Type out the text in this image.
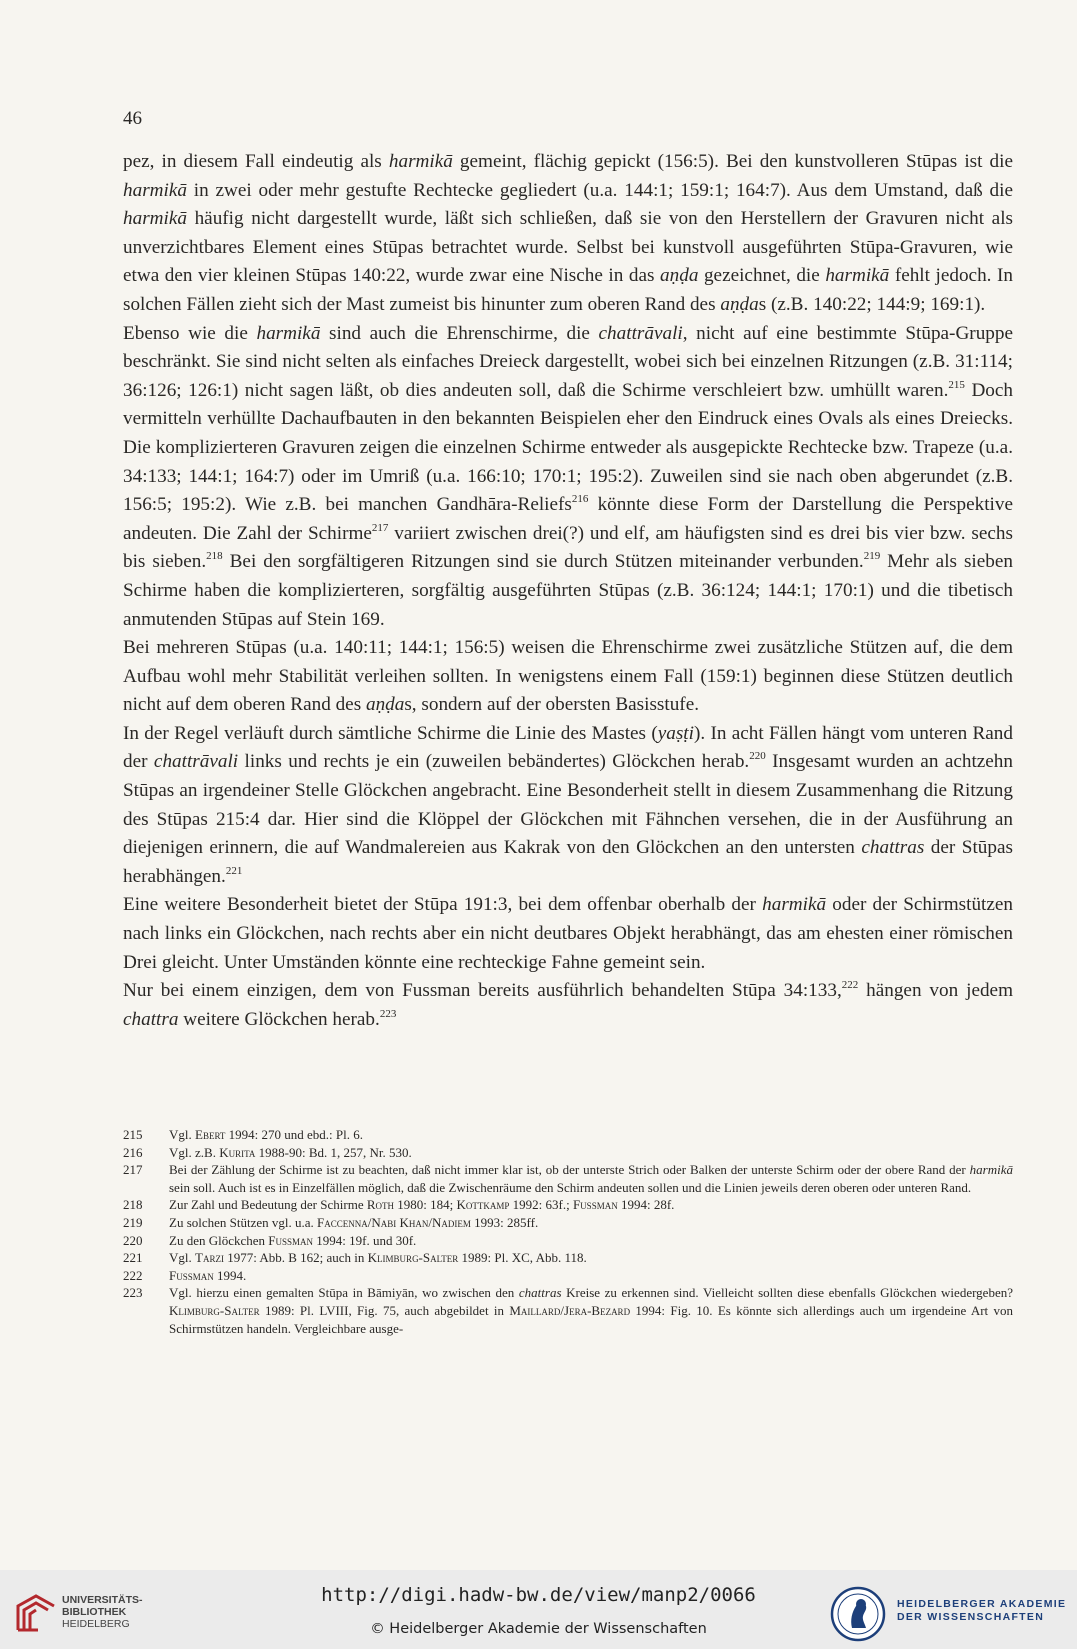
46

pez, in diesem Fall eindeutig als harmikā gemeint, flächig gepickt (156:5). Bei den kunstvolleren Stūpas ist die harmikā in zwei oder mehr gestufte Rechtecke gegliedert (u.a. 144:1; 159:1; 164:7). Aus dem Umstand, daß die harmikā häufig nicht dargestellt wurde, läßt sich schließen, daß sie von den Herstellern der Gravuren nicht als unverzichtbares Element eines Stūpas betrachtet wurde. Selbst bei kunstvoll ausgeführten Stūpa-Gravuren, wie etwa den vier kleinen Stūpas 140:22, wurde zwar eine Nische in das aṇḍa gezeichnet, die harmikā fehlt jedoch. In solchen Fällen zieht sich der Mast zumeist bis hinunter zum oberen Rand des aṇḍas (z.B. 140:22; 144:9; 169:1).

Ebenso wie die harmikā sind auch die Ehrenschirme, die chattrāvali, nicht auf eine bestimmte Stūpa-Gruppe beschränkt. Sie sind nicht selten als einfaches Dreieck dargestellt, wobei sich bei einzelnen Ritzungen (z.B. 31:114; 36:126; 126:1) nicht sagen läßt, ob dies andeuten soll, daß die Schirme verschleiert bzw. umhüllt waren.$^{215}$ Doch vermitteln verhüllte Dachaufbauten in den bekannten Beispielen eher den Eindruck eines Ovals als eines Dreiecks. Die komplizierteren Gravuren zeigen die einzelnen Schirme entweder als ausgepickte Rechtecke bzw. Trapeze (u.a. 34:133; 144:1; 164:7) oder im Umriß (u.a. 166:10; 170:1; 195:2). Zuweilen sind sie nach oben abgerundet (z.B. 156:5; 195:2). Wie z.B. bei manchen Gandhāra-Reliefs$^{216}$ könnte diese Form der Darstellung die Perspektive andeuten. Die Zahl der Schirme$^{217}$ variiert zwischen drei(?) und elf, am häufigsten sind es drei bis vier bzw. sechs bis sieben.$^{218}$ Bei den sorgfältigeren Ritzungen sind sie durch Stützen miteinander verbunden.$^{219}$ Mehr als sieben Schirme haben die komplizierteren, sorgfältig ausgeführten Stūpas (z.B. 36:124; 144:1; 170:1) und die tibetisch anmutenden Stūpas auf Stein 169.

Bei mehreren Stūpas (u.a. 140:11; 144:1; 156:5) weisen die Ehrenschirme zwei zusätzliche Stützen auf, die dem Aufbau wohl mehr Stabilität verleihen sollten. In wenigstens einem Fall (159:1) beginnen diese Stützen deutlich nicht auf dem oberen Rand des aṇḍas, sondern auf der obersten Basisstufe.

In der Regel verläuft durch sämtliche Schirme die Linie des Mastes (yaṣṭi). In acht Fällen hängt vom unteren Rand der chattrāvali links und rechts je ein (zuweilen bebändertes) Glöckchen herab.$^{220}$ Insgesamt wurden an achtzehn Stūpas an irgendeiner Stelle Glöckchen angebracht. Eine Besonderheit stellt in diesem Zusammenhang die Ritzung des Stūpas 215:4 dar. Hier sind die Klöppel der Glöckchen mit Fähnchen versehen, die in der Ausführung an diejenigen erinnern, die auf Wandmalereien aus Kakrak von den Glöckchen an den untersten chattras der Stūpas herabhängen.$^{221}$

Eine weitere Besonderheit bietet der Stūpa 191:3, bei dem offenbar oberhalb der harmikā oder der Schirmstützen nach links ein Glöckchen, nach rechts aber ein nicht deutbares Objekt herabhängt, das am ehesten einer römischen Drei gleicht. Unter Umständen könnte eine rechteckige Fahne gemeint sein.

Nur bei einem einzigen, dem von Fussman bereits ausführlich behandelten Stūpa 34:133,$^{222}$ hängen von jedem chattra weitere Glöckchen herab.$^{223}$

215	Vgl. Ebert 1994: 270 und ebd.: Pl. 6.
216	Vgl. z.B. Kurita 1988-90: Bd. 1, 257, Nr. 530.
217	Bei der Zählung der Schirme ist zu beachten, daß nicht immer klar ist, ob der unterste Strich oder Balken der unterste Schirm oder der obere Rand der harmikā sein soll. Auch ist es in Einzelfällen möglich, daß die Zwischenräume den Schirm andeuten sollen und die Linien jeweils deren oberen oder unteren Rand.
218	Zur Zahl und Bedeutung der Schirme Roth 1980: 184; Kottkamp 1992: 63f.; Fussman 1994: 28f.
219	Zu solchen Stützen vgl. u.a. Faccenna/Nabi Khan/Nadiem 1993: 285ff.
220	Zu den Glöckchen Fussman 1994: 19f. und 30f.
221	Vgl. Tarzi 1977: Abb. B 162; auch in Klimburg-Salter 1989: Pl. XC, Abb. 118.
222	Fussman 1994.
223	Vgl. hierzu einen gemalten Stūpa in Bāmiyān, wo zwischen den chattras Kreise zu erkennen sind. Vielleicht sollten diese ebenfalls Glöckchen wiedergeben? Klimburg-Salter 1989: Pl. LVIII, Fig. 75, auch abgebildet in Maillard/Jera-Bezard 1994: Fig. 10. Es könnte sich allerdings auch um irgendeine Art von Schirmstützen handeln. Vergleichbare ausge-
UNIVERSITÄTS-
BIBLIOTHEK
HEIDELBERG
http://digi.hadw-bw.de/view/manp2/0066
© Heidelberger Akademie der Wissenschaften
HEIDELBERGER AKADEMIE
DER WISSENSCHAFTEN
